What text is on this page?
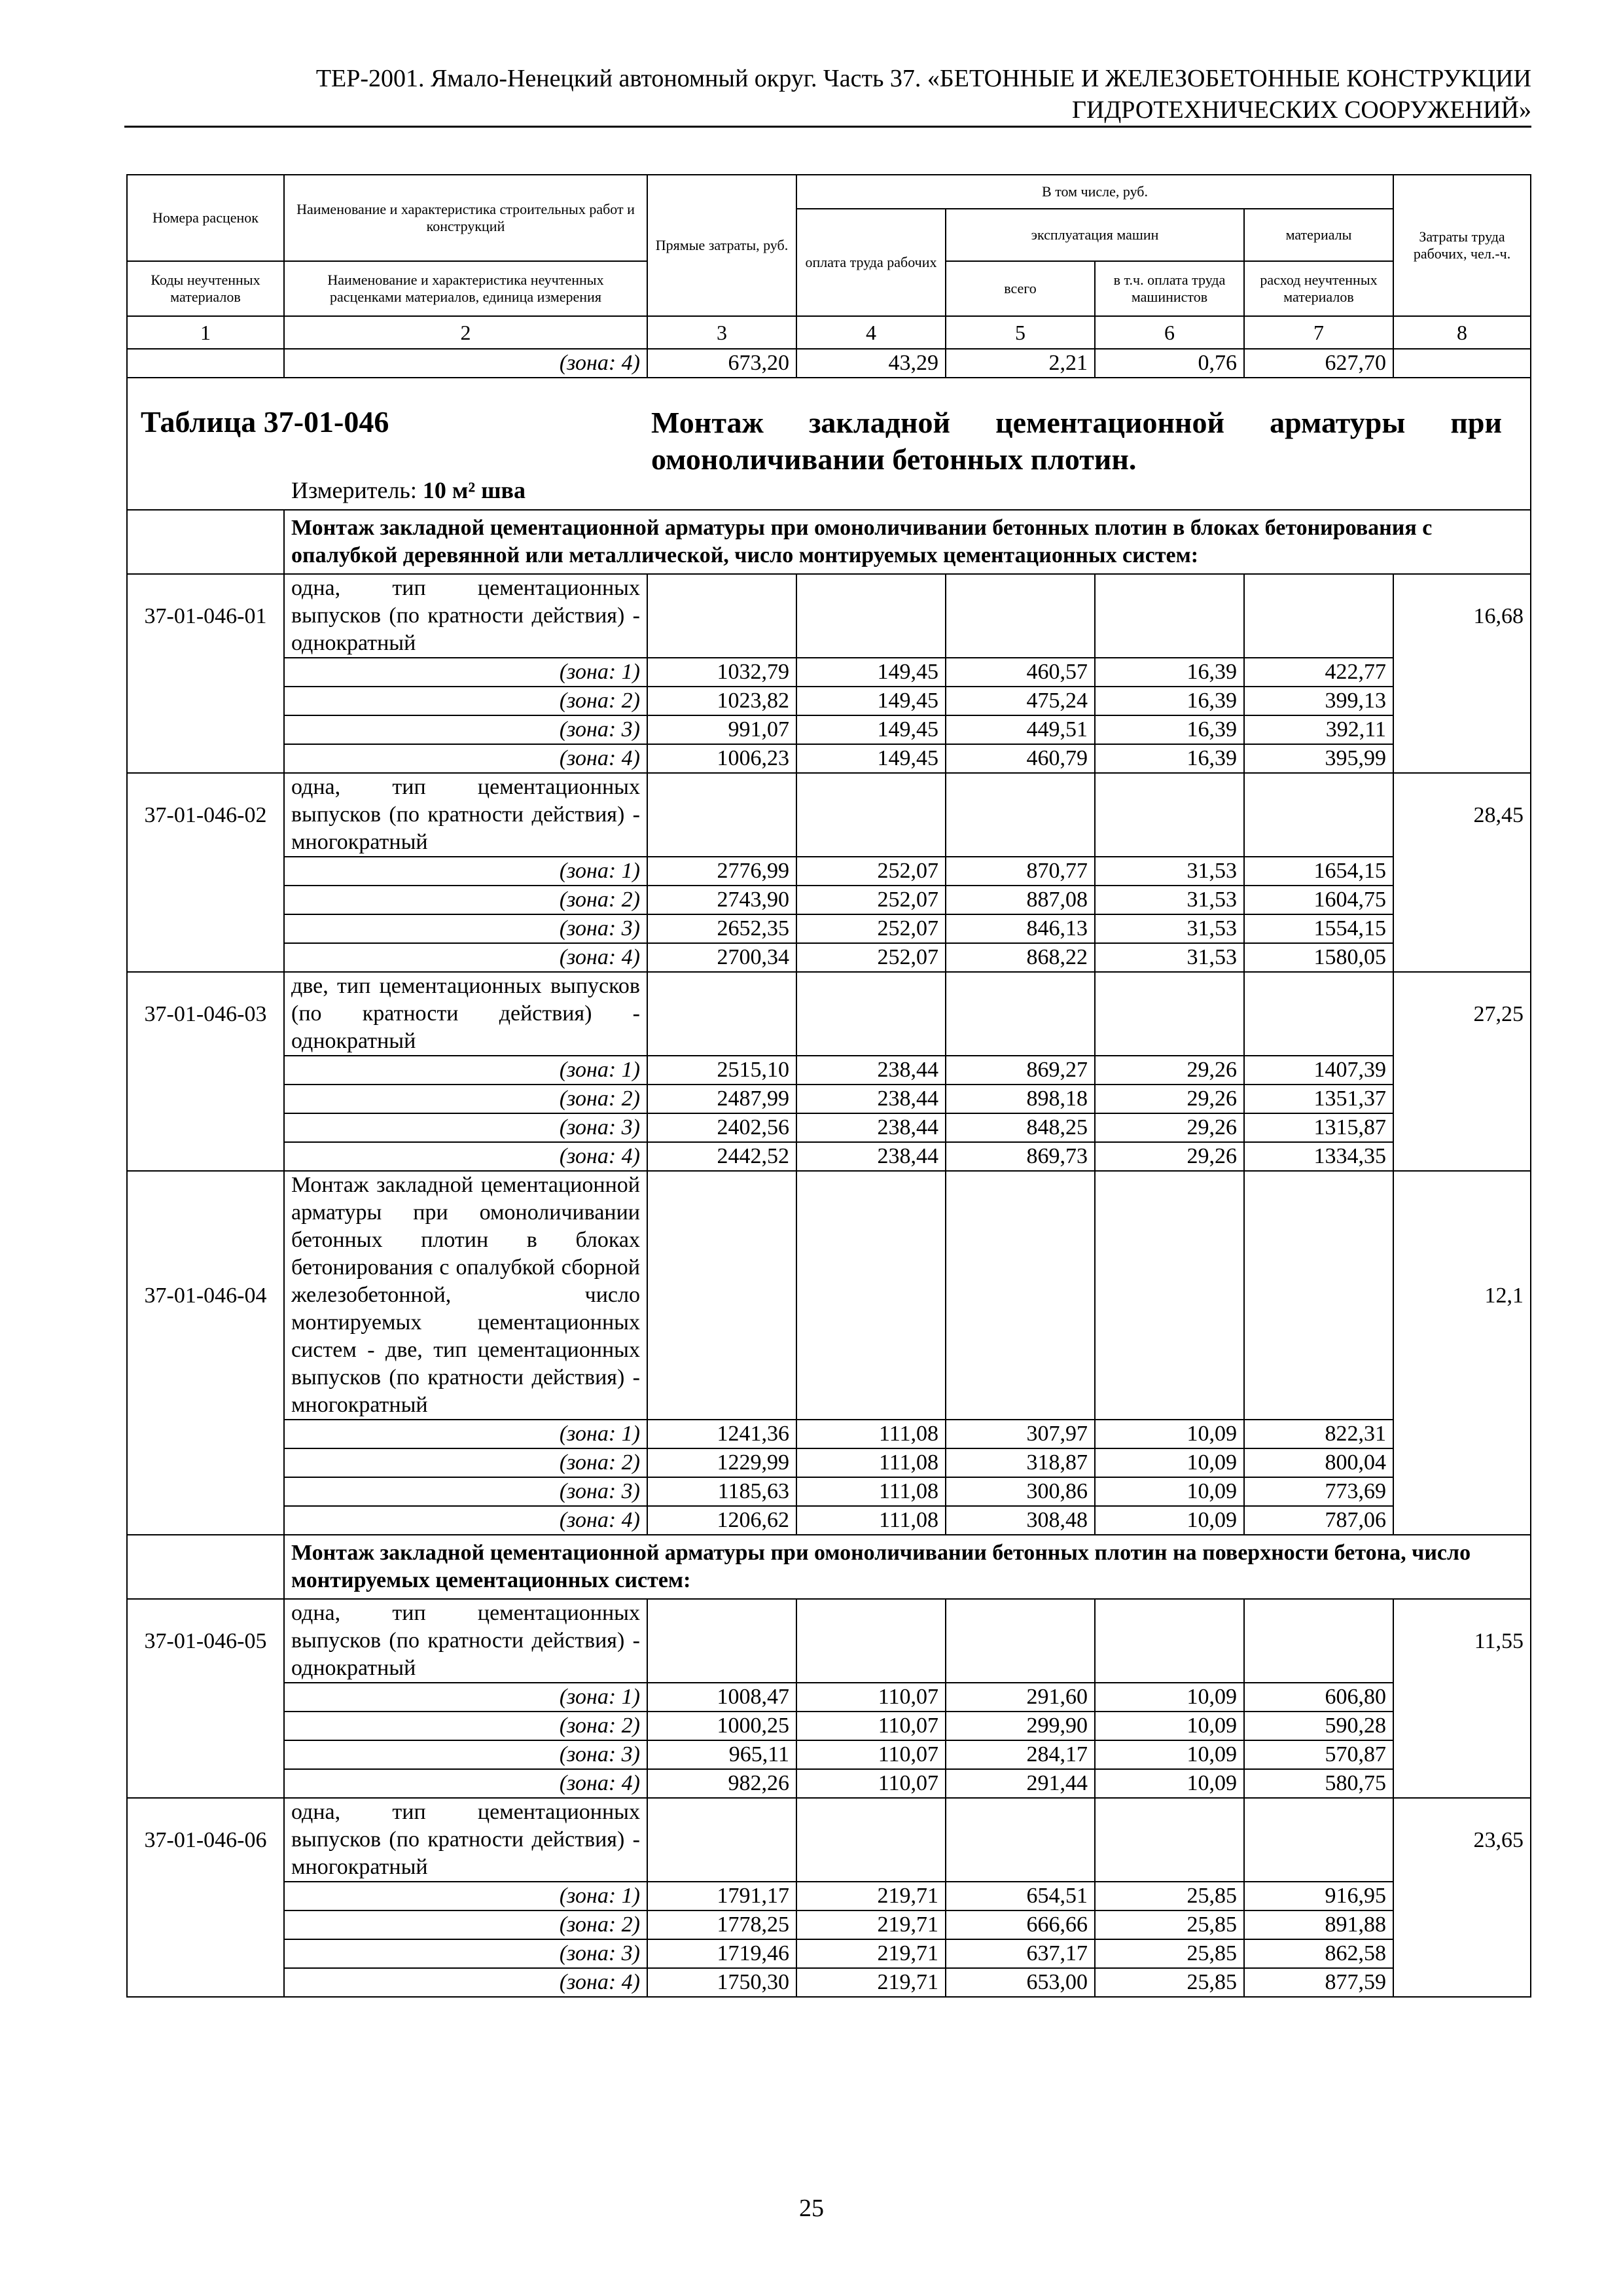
ТЕР-2001. Ямало-Ненецкий автономный округ. Часть 37. «БЕТОННЫЕ И ЖЕЛЕЗОБЕТОННЫЕ КОНСТРУКЦИИ
ГИДРОТЕХНИЧЕСКИХ СООРУЖЕНИЙ»
Номера расценок	Наименование и характеристика строительных работ и конструкций	Прямые затраты, руб.	В том числе, руб.				Затраты труда рабочих, чел.-ч.
			оплата труда рабочих	эксплуатация машин		материалы	
Коды неучтенных материалов	Наименование и характеристика неучтенных расценками материалов, единица измерения			всего	в т.ч. оплата труда машинистов	расход неучтенных материалов	
1	2	3	4	5	6	7	8
	(зона: 4)	673,20	43,29	2,21	0,76	627,70	

Таблица 37-01-046 Монтаж закладной цементационной арматуры при омоноличивании бетонных плотин.
Измеритель: 10 м² шва							

	Монтаж закладной цементационной арматуры при омоноличивании бетонных плотин в блоках бетонирования с опалубкой деревянной или металлической, число монтируемых цементационных систем:						
37-01-046-01	одна, тип цементационных выпусков (по кратности действия) - однократный						16,68
	(зона: 1)	1032,79	149,45	460,57	16,39	422,77	
	(зона: 2)	1023,82	149,45	475,24	16,39	399,13	
	(зона: 3)	991,07	149,45	449,51	16,39	392,11	
	(зона: 4)	1006,23	149,45	460,79	16,39	395,99	
37-01-046-02	одна, тип цементационных выпусков (по кратности действия) - многократный						28,45
	(зона: 1)	2776,99	252,07	870,77	31,53	1654,15	
	(зона: 2)	2743,90	252,07	887,08	31,53	1604,75	
	(зона: 3)	2652,35	252,07	846,13	31,53	1554,15	
	(зона: 4)	2700,34	252,07	868,22	31,53	1580,05	
37-01-046-03	две, тип цементационных выпусков (по кратности действия) - однократный						27,25
	(зона: 1)	2515,10	238,44	869,27	29,26	1407,39	
	(зона: 2)	2487,99	238,44	898,18	29,26	1351,37	
	(зона: 3)	2402,56	238,44	848,25	29,26	1315,87	
	(зона: 4)	2442,52	238,44	869,73	29,26	1334,35	
37-01-046-04	Монтаж закладной цементационной арматуры при омоноличивании бетонных плотин в блоках бетонирования с опалубкой сборной железобетонной, число монтируемых цементационных систем - две, тип цементационных выпусков (по кратности действия) - многократный						12,1
	(зона: 1)	1241,36	111,08	307,97	10,09	822,31	
	(зона: 2)	1229,99	111,08	318,87	10,09	800,04	
	(зона: 3)	1185,63	111,08	300,86	10,09	773,69	
	(зона: 4)	1206,62	111,08	308,48	10,09	787,06	
	Монтаж закладной цементационной арматуры при омоноличивании бетонных плотин на поверхности бетона, число монтируемых цементационных систем:						
37-01-046-05	одна, тип цементационных выпусков (по кратности действия) - однократный						11,55
	(зона: 1)	1008,47	110,07	291,60	10,09	606,80	
	(зона: 2)	1000,25	110,07	299,90	10,09	590,28	
	(зона: 3)	965,11	110,07	284,17	10,09	570,87	
	(зона: 4)	982,26	110,07	291,44	10,09	580,75	
37-01-046-06	одна, тип цементационных выпусков (по кратности действия) - многократный						23,65
	(зона: 1)	1791,17	219,71	654,51	25,85	916,95	
	(зона: 2)	1778,25	219,71	666,66	25,85	891,88	
	(зона: 3)	1719,46	219,71	637,17	25,85	862,58	
	(зона: 4)	1750,30	219,71	653,00	25,85	877,59	
25
